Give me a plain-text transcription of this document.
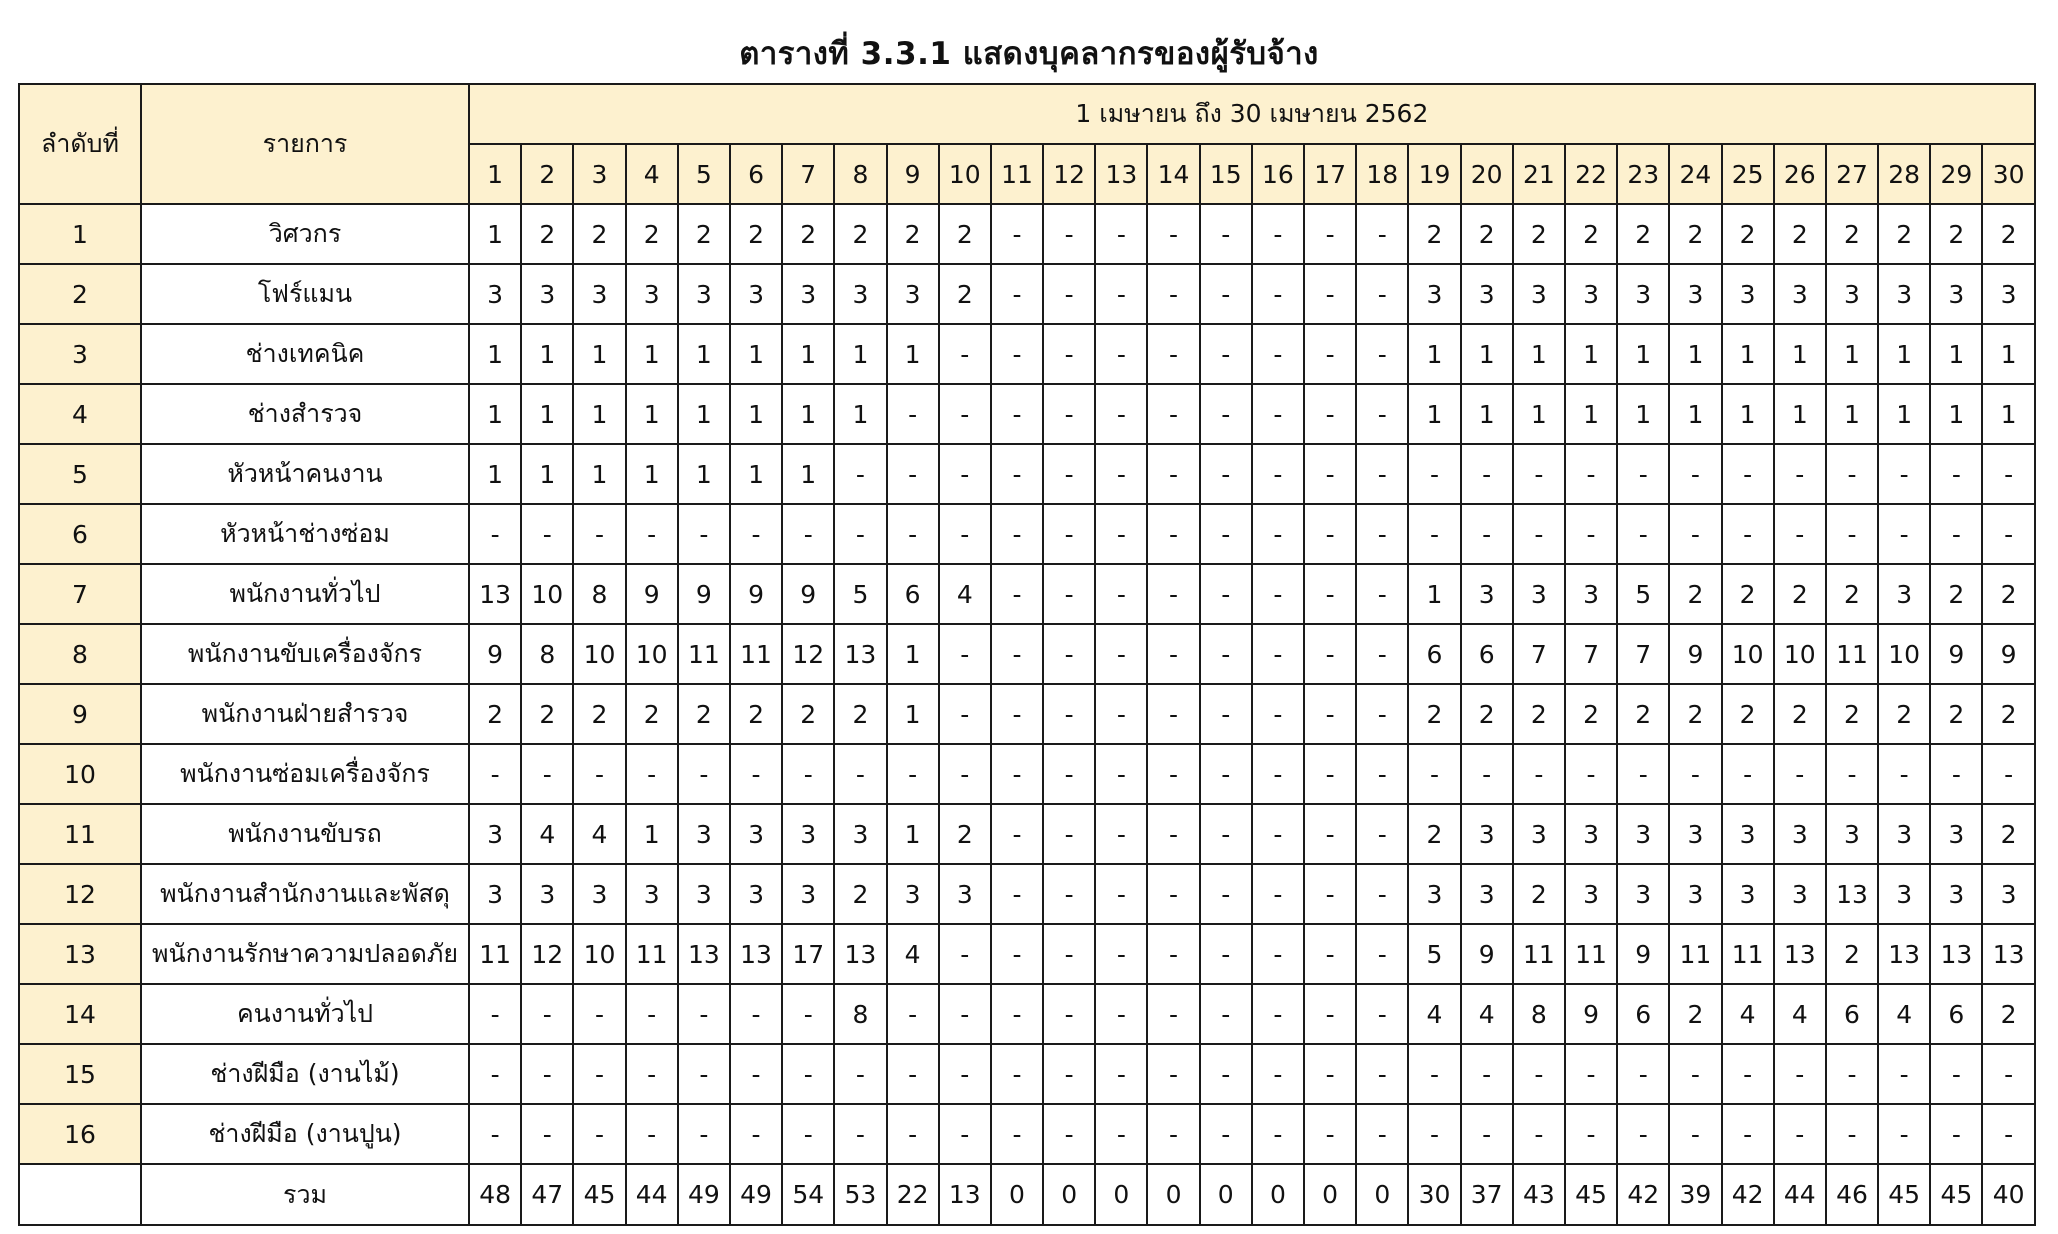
ตารางที่ 3.3.1 แสดงบุคลากรของผู้รับจ้าง
ลำดับที่	รายการ	1 เมษายน ถึง 30 เมษายน 2562																													
		1	2	3	4	5	6	7	8	9	10	11	12	13	14	15	16	17	18	19	20	21	22	23	24	25	26	27	28	29	30
1	วิศวกร	1	2	2	2	2	2	2	2	2	2	-	-	-	-	-	-	-	-	2	2	2	2	2	2	2	2	2	2	2	2
2	โฟร์แมน	3	3	3	3	3	3	3	3	3	2	-	-	-	-	-	-	-	-	3	3	3	3	3	3	3	3	3	3	3	3
3	ช่างเทคนิค	1	1	1	1	1	1	1	1	1	-	-	-	-	-	-	-	-	-	1	1	1	1	1	1	1	1	1	1	1	1
4	ช่างสำรวจ	1	1	1	1	1	1	1	1	-	-	-	-	-	-	-	-	-	-	1	1	1	1	1	1	1	1	1	1	1	1
5	หัวหน้าคนงาน	1	1	1	1	1	1	1	-	-	-	-	-	-	-	-	-	-	-	-	-	-	-	-	-	-	-	-	-	-	-
6	หัวหน้าช่างซ่อม	-	-	-	-	-	-	-	-	-	-	-	-	-	-	-	-	-	-	-	-	-	-	-	-	-	-	-	-	-	-
7	พนักงานทั่วไป	13	10	8	9	9	9	9	5	6	4	-	-	-	-	-	-	-	-	1	3	3	3	5	2	2	2	2	3	2	2
8	พนักงานขับเครื่องจักร	9	8	10	10	11	11	12	13	1	-	-	-	-	-	-	-	-	-	6	6	7	7	7	9	10	10	11	10	9	9
9	พนักงานฝ่ายสำรวจ	2	2	2	2	2	2	2	2	1	-	-	-	-	-	-	-	-	-	2	2	2	2	2	2	2	2	2	2	2	2
10	พนักงานซ่อมเครื่องจักร	-	-	-	-	-	-	-	-	-	-	-	-	-	-	-	-	-	-	-	-	-	-	-	-	-	-	-	-	-	-
11	พนักงานขับรถ	3	4	4	1	3	3	3	3	1	2	-	-	-	-	-	-	-	-	2	3	3	3	3	3	3	3	3	3	3	2
12	พนักงานสำนักงานและพัสดุ	3	3	3	3	3	3	3	2	3	3	-	-	-	-	-	-	-	-	3	3	2	3	3	3	3	3	13	3	3	3
13	พนักงานรักษาความปลอดภัย	11	12	10	11	13	13	17	13	4	-	-	-	-	-	-	-	-	-	5	9	11	11	9	11	11	13	2	13	13	13
14	คนงานทั่วไป	-	-	-	-	-	-	-	8	-	-	-	-	-	-	-	-	-	-	4	4	8	9	6	2	4	4	6	4	6	2
15	ช่างฝีมือ (งานไม้)	-	-	-	-	-	-	-	-	-	-	-	-	-	-	-	-	-	-	-	-	-	-	-	-	-	-	-	-	-	-
16	ช่างฝีมือ (งานปูน)	-	-	-	-	-	-	-	-	-	-	-	-	-	-	-	-	-	-	-	-	-	-	-	-	-	-	-	-	-	-
	รวม	48	47	45	44	49	49	54	53	22	13	0	0	0	0	0	0	0	0	30	37	43	45	42	39	42	44	46	45	45	40
